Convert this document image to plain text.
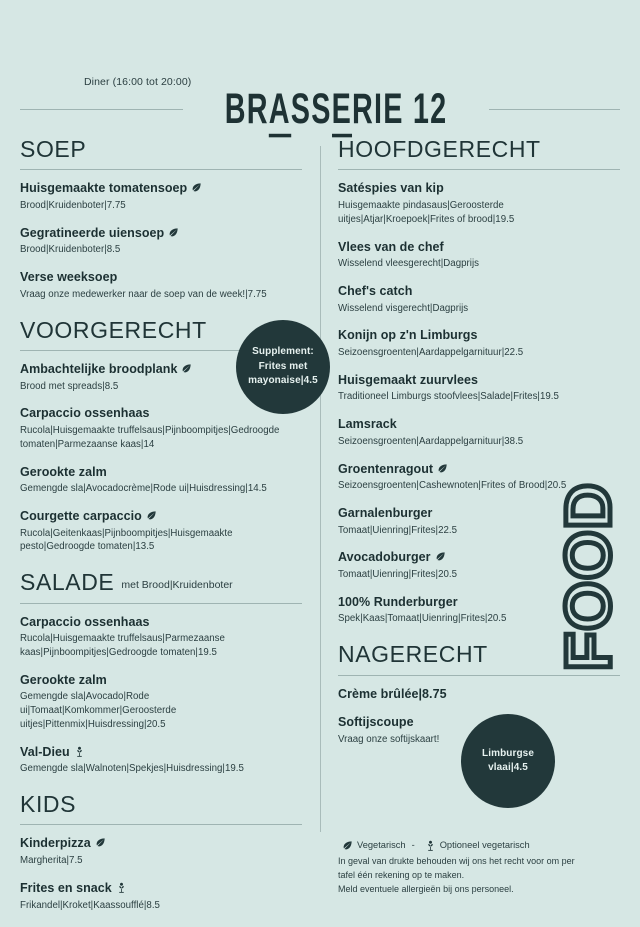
Diner (16:00 tot 20:00)
BRASSERIE 12
SOEP
Huisgemaakte tomatensoep
Brood|Kruidenboter|7.75
Gegratineerde uiensoep
Brood|Kruidenboter|8.5
Verse weeksoep
Vraag onze medewerker naar de soep van de week!|7.75
VOORGERECHT
Ambachtelijke broodplank
Brood met spreads|8.5
Carpaccio ossenhaas
Rucola|Huisgemaakte truffelsaus|Pijnboompitjes|Gedroogde tomaten|Parmezaanse kaas|14
Gerookte zalm
Gemengde sla|Avocadocrème|Rode ui|Huisdressing|14.5
Courgette carpaccio
Rucola|Geitenkaas|Pijnboompitjes|Huisgemaakte pesto|Gedroogde tomaten|13.5
SALADE met Brood|Kruidenboter
Carpaccio ossenhaas
Rucola|Huisgemaakte truffelsaus|Parmezaanse kaas|Pijnboompitjes|Gedroogde tomaten|19.5
Gerookte zalm
Gemengde sla|Avocado|Rode ui|Tomaat|Komkommer|Geroosterde uitjes|Pittenmix|Huisdressing|20.5
Val-Dieu
Gemengde sla|Walnoten|Spekjes|Huisdressing|19.5
KIDS
Kinderpizza
Margherita|7.5
Frites en snack
Frikandel|Kroket|Kaassoufflé|8.5
HOOFDGERECHT
Satéspies van kip
Huisgemaakte pindasaus|Geroosterde uitjes|Atjar|Kroepoek|Frites of brood|19.5
Vlees van de chef
Wisselend vleesgerecht|Dagprijs
Chef's catch
Wisselend visgerecht|Dagprijs
Konijn op z'n Limburgs
Seizoensgroenten|Aardappelgarnituur|22.5
Huisgemaakt zuurvlees
Traditioneel Limburgs stoofvlees|Salade|Frites|19.5
Lamsrack
Seizoensgroenten|Aardappelgarnituur|38.5
Groentenragout
Seizoensgroenten|Cashewnoten|Frites of Brood|20.5
Garnalenburger
Tomaat|Uienring|Frites|22.5
Avocadoburger
Tomaat|Uienring|Frites|20.5
100% Runderburger
Spek|Kaas|Tomaat|Uienring|Frites|20.5
NAGERECHT
Crème brûlée|8.75
Softijscoupe
Vraag onze softijskaart!
Supplement: Frites met mayonaise|4.5
Limburgse vlaai|4.5
FOOD
Vegetarisch -	Optioneel vegetarisch
In geval van drukte behouden wij ons het recht voor om per
tafel één rekening op te maken.
Meld eventuele allergieën bij ons personeel.
